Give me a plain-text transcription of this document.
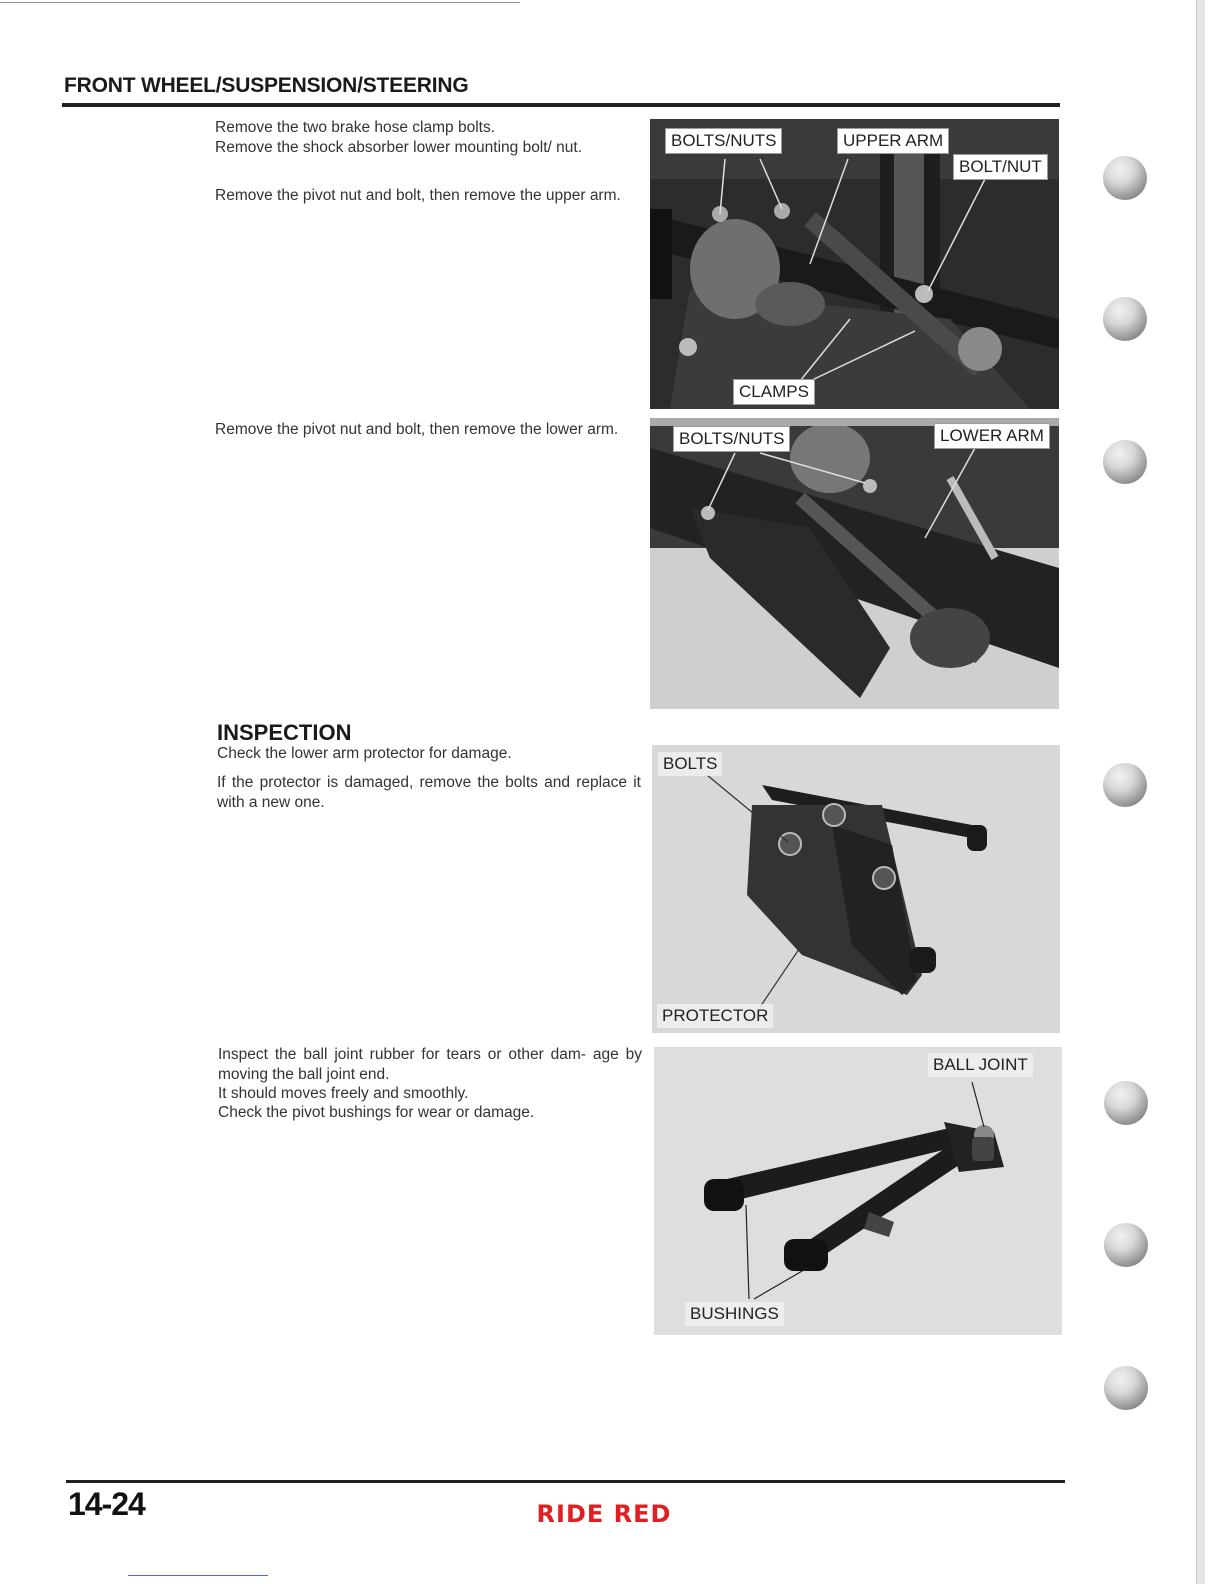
FRONT WHEEL/SUSPENSION/STEERING
Remove the two brake hose clamp bolts.
Remove the shock absorber lower mounting bolt/ nut.
Remove the pivot nut and bolt, then remove the upper arm.
Remove the pivot nut and bolt, then remove the lower arm.
INSPECTION
Check the lower arm protector for damage.
If the protector is damaged, remove the bolts and replace it with a new one.
Inspect the ball joint rubber for tears or other dam- age by moving the ball joint end.
It should moves freely and smoothly.
Check the pivot bushings for wear or damage.
BOLTS/NUTS	UPPER ARM
BOLT/NUT
CLAMPS
BOLTS/NUTS	LOWER ARM
BOLTS
PROTECTOR
BALL JOINT
BUSHINGS
14-24	RIDE RED
